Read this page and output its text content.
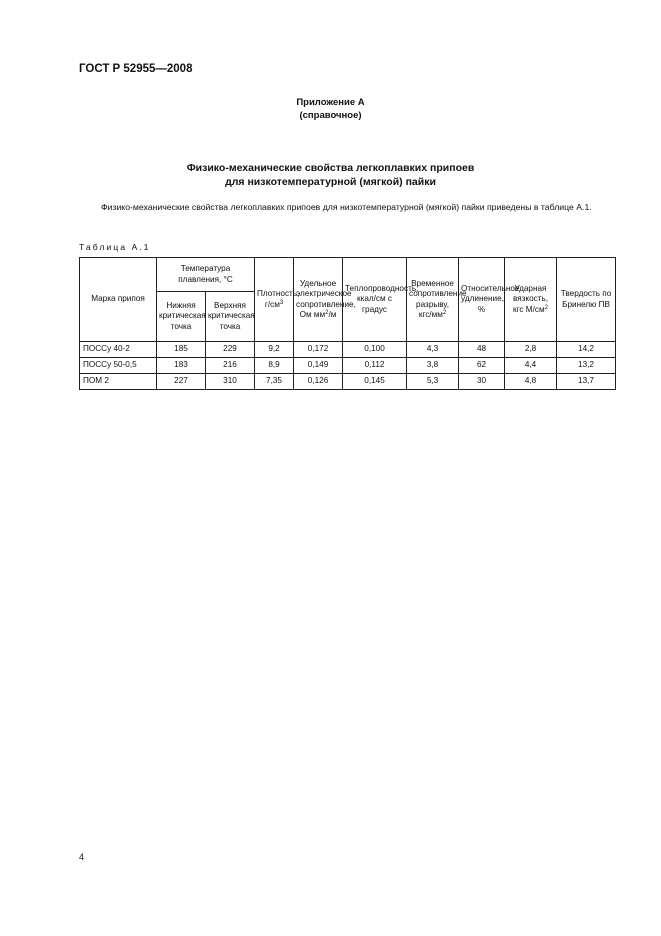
ГОСТ Р 52955—2008
Приложение А
(справочное)
Физико-механические свойства легкоплавких припоев
для низкотемпературной (мягкой) пайки
Физико-механические свойства легкоплавких припоев для низкотемпературной (мягкой) пайки приведены в таблице А.1.
Таблица А.1
Марка припоя	Температура плавления, °С		Плотность, $г/см^3$	Удельное электрическое сопротивление, Ом $мм^2/м$	Теплопроводность, ккал/см с градус	Временное сопротивление разрыву, кгс/$мм^2$	Относительное удлинение, %	Ударная вязкость, кгс $М/см^2$	Твердость по Бринелю ПВ
	Нижняя критическая точка	Верхняя критическая точка							
ПОССу 40-2	185	229	9,2	0,172	0,100	4,3	48	2,8	14,2
ПОССу 50-0,5	183	216	8,9	0,149	0,112	3,8	62	4,4	13,2
ПОМ 2	227	310	7,35	0,126	0,145	5,3	30	4,8	13,7
4
